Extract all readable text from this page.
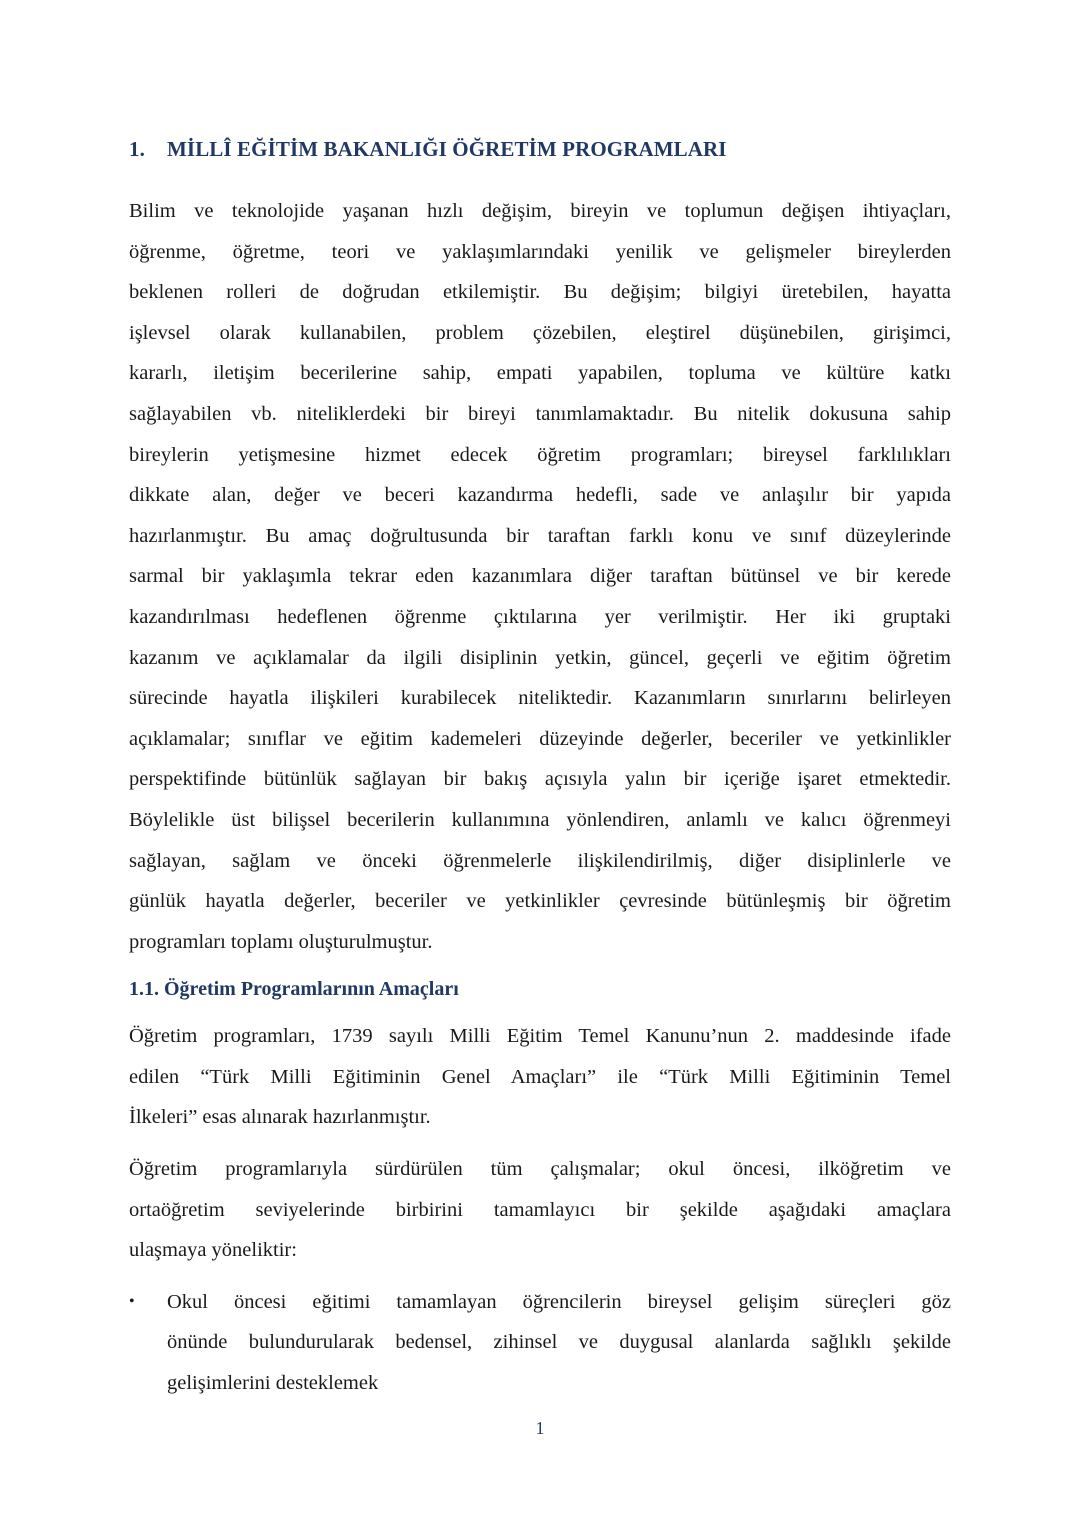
1. MİLLÎ EĞİTİM BAKANLIĞI ÖĞRETİM PROGRAMLARI
Bilim ve teknolojide yaşanan hızlı değişim, bireyin ve toplumun değişen ihtiyaçları,
öğrenme, öğretme, teori ve yaklaşımlarındaki yenilik ve gelişmeler bireylerden
beklenen rolleri de doğrudan etkilemiştir. Bu değişim; bilgiyi üretebilen, hayatta
işlevsel olarak kullanabilen, problem çözebilen, eleştirel düşünebilen, girişimci,
kararlı, iletişim becerilerine sahip, empati yapabilen, topluma ve kültüre katkı
sağlayabilen vb. niteliklerdeki bir bireyi tanımlamaktadır. Bu nitelik dokusuna sahip
bireylerin yetişmesine hizmet edecek öğretim programları; bireysel farklılıkları
dikkate alan, değer ve beceri kazandırma hedefli, sade ve anlaşılır bir yapıda
hazırlanmıştır. Bu amaç doğrultusunda bir taraftan farklı konu ve sınıf düzeylerinde
sarmal bir yaklaşımla tekrar eden kazanımlara diğer taraftan bütünsel ve bir kerede
kazandırılması hedeflenen öğrenme çıktılarına yer verilmiştir. Her iki gruptaki
kazanım ve açıklamalar da ilgili disiplinin yetkin, güncel, geçerli ve eğitim öğretim
sürecinde hayatla ilişkileri kurabilecek niteliktedir. Kazanımların sınırlarını belirleyen
açıklamalar; sınıflar ve eğitim kademeleri düzeyinde değerler, beceriler ve yetkinlikler
perspektifinde bütünlük sağlayan bir bakış açısıyla yalın bir içeriğe işaret etmektedir.
Böylelikle üst bilişsel becerilerin kullanımına yönlendiren, anlamlı ve kalıcı öğrenmeyi
sağlayan, sağlam ve önceki öğrenmelerle ilişkilendirilmiş, diğer disiplinlerle ve
günlük hayatla değerler, beceriler ve yetkinlikler çevresinde bütünleşmiş bir öğretim
programları toplamı oluşturulmuştur.
1.1. Öğretim Programlarının Amaçları
Öğretim programları, 1739 sayılı Milli Eğitim Temel Kanunu’nun 2. maddesinde ifade
edilen “Türk Milli Eğitiminin Genel Amaçları” ile “Türk Milli Eğitiminin Temel
İlkeleri” esas alınarak hazırlanmıştır.
Öğretim programlarıyla sürdürülen tüm çalışmalar; okul öncesi, ilköğretim ve
ortaöğretim seviyelerinde birbirini tamamlayıcı bir şekilde aşağıdaki amaçlara
ulaşmaya yöneliktir:
• Okul öncesi eğitimi tamamlayan öğrencilerin bireysel gelişim süreçleri göz
önünde bulundurularak bedensel, zihinsel ve duygusal alanlarda sağlıklı şekilde
gelişimlerini desteklemek
1
